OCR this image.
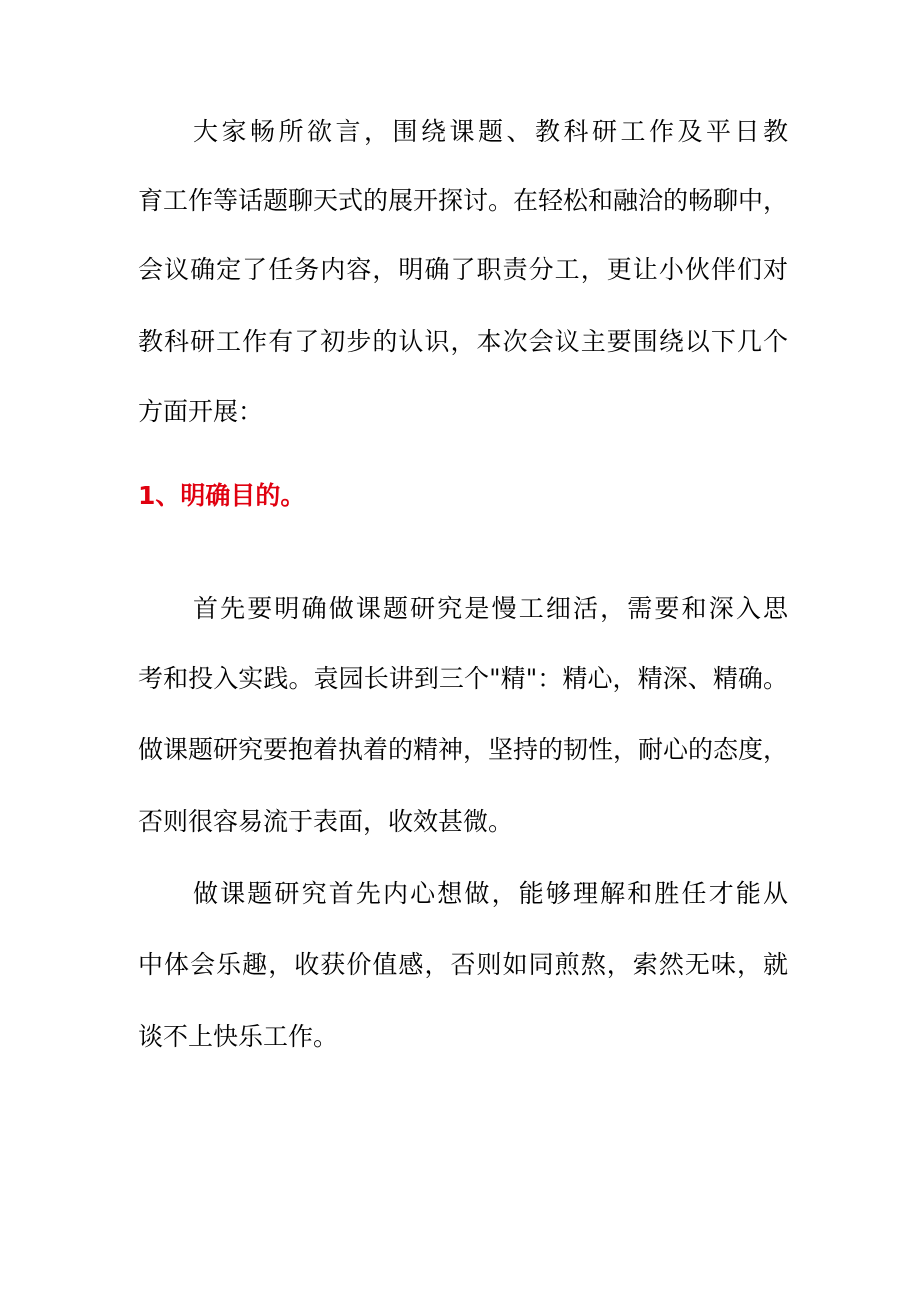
大家畅所欲言，围绕课题、教科研工作及平日教
育工作等话题聊天式的展开探讨。在轻松和融洽的畅聊中，
会议确定了任务内容，明确了职责分工，更让小伙伴们对
教科研工作有了初步的认识，本次会议主要围绕以下几个
方面开展：
1、明确目的。
首先要明确做课题研究是慢工细活，需要和深入思
考和投入实践。袁园长讲到三个"精"：精心，精深、精确。
做课题研究要抱着执着的精神，坚持的韧性，耐心的态度，
否则很容易流于表面，收效甚微。
做课题研究首先内心想做，能够理解和胜任才能从
中体会乐趣，收获价值感，否则如同煎熬，索然无味，就
谈不上快乐工作。
